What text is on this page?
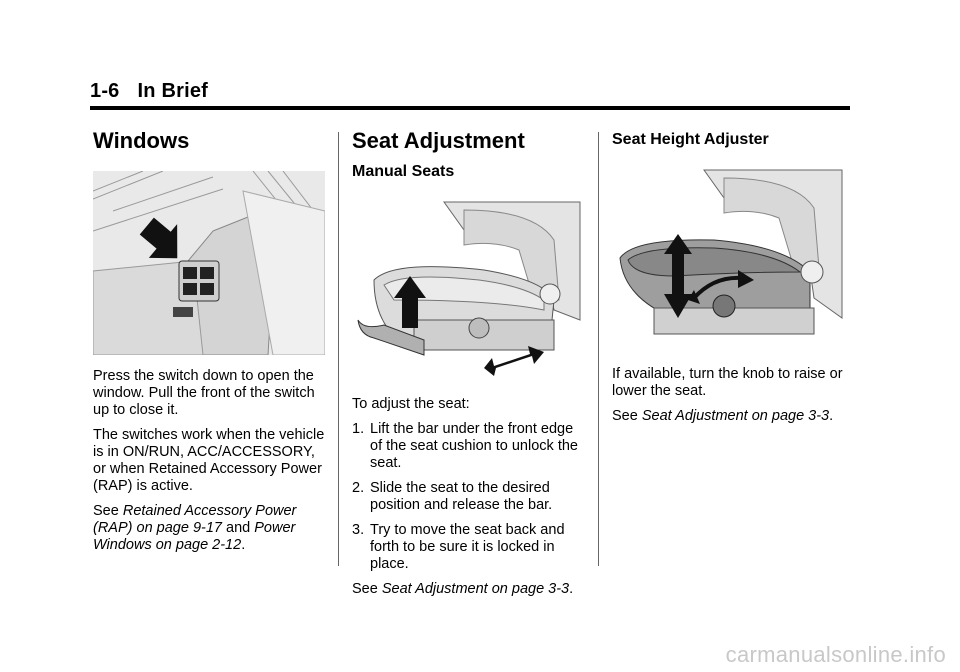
1-6 In Brief
Windows

Press the switch down to open the window. Pull the front of the switch up to close it.

The switches work when the vehicle is in ON/RUN, ACC/ACCESSORY, or when Retained Accessory Power (RAP) is active.

See Retained Accessory Power (RAP) on page 9-17 and Power Windows on page 2-12.

Seat Adjustment
Manual Seats

To adjust the seat:

1. Lift the bar under the front edge of the seat cushion to unlock the seat.
2. Slide the seat to the desired position and release the bar.
3. Try to move the seat back and forth to be sure it is locked in place.

See Seat Adjustment on page 3-3.

Seat Height Adjuster

If available, turn the knob to raise or lower the seat.

See Seat Adjustment on page 3-3.

carmanualsonline.info
